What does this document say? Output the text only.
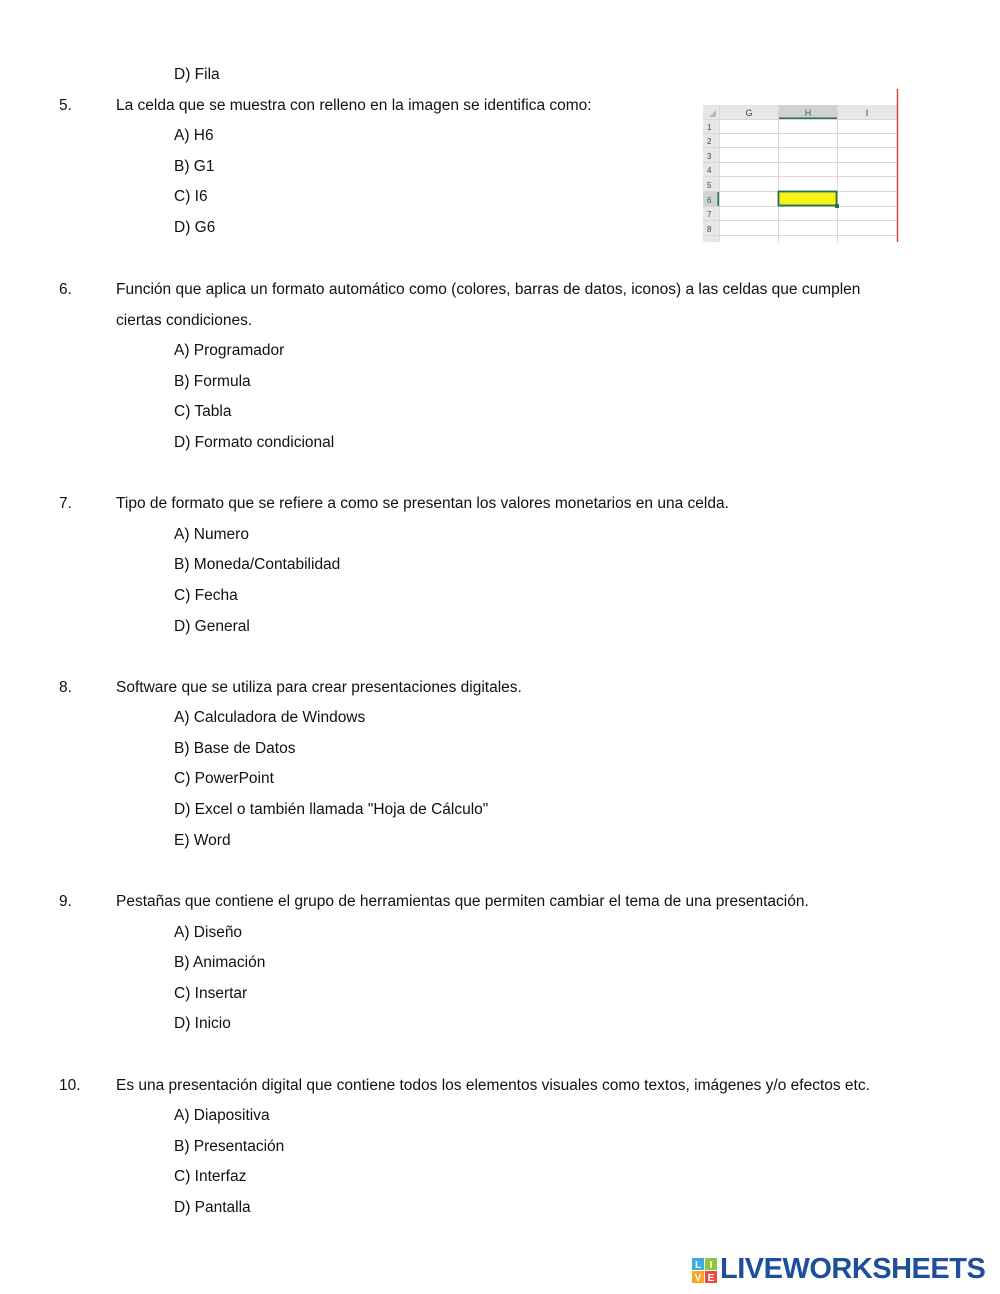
D) Fila
5.	La celda que se muestra con relleno en la imagen se identifica como:
A) H6
B) G1
C) I6
D) G6
G	H	I
1
2
3
4
5
6
7
8
6.	Función que aplica un formato automático como (colores, barras de datos, iconos) a las celdas que cumplen
ciertas condiciones.
A) Programador
B) Formula
C) Tabla
D) Formato condicional
7.	Tipo de formato que se refiere a como se presentan los valores monetarios en una celda.
A) Numero
B) Moneda/Contabilidad
C) Fecha
D) General
8.	Software que se utiliza para crear presentaciones digitales.
A) Calculadora de Windows
B) Base de Datos
C) PowerPoint
D) Excel o también llamada "Hoja de Cálculo"
E) Word
9.	Pestañas que contiene el grupo de herramientas que permiten cambiar el tema de una presentación.
A) Diseño
B) Animación
C) Insertar
D) Inicio
10. Es una presentación digital que contiene todos los elementos visuales como textos, imágenes y/o efectos etc.
A) Diapositiva
B) Presentación
C) Interfaz
D) Pantalla
L I
V E LIVEWORKSHEETS
